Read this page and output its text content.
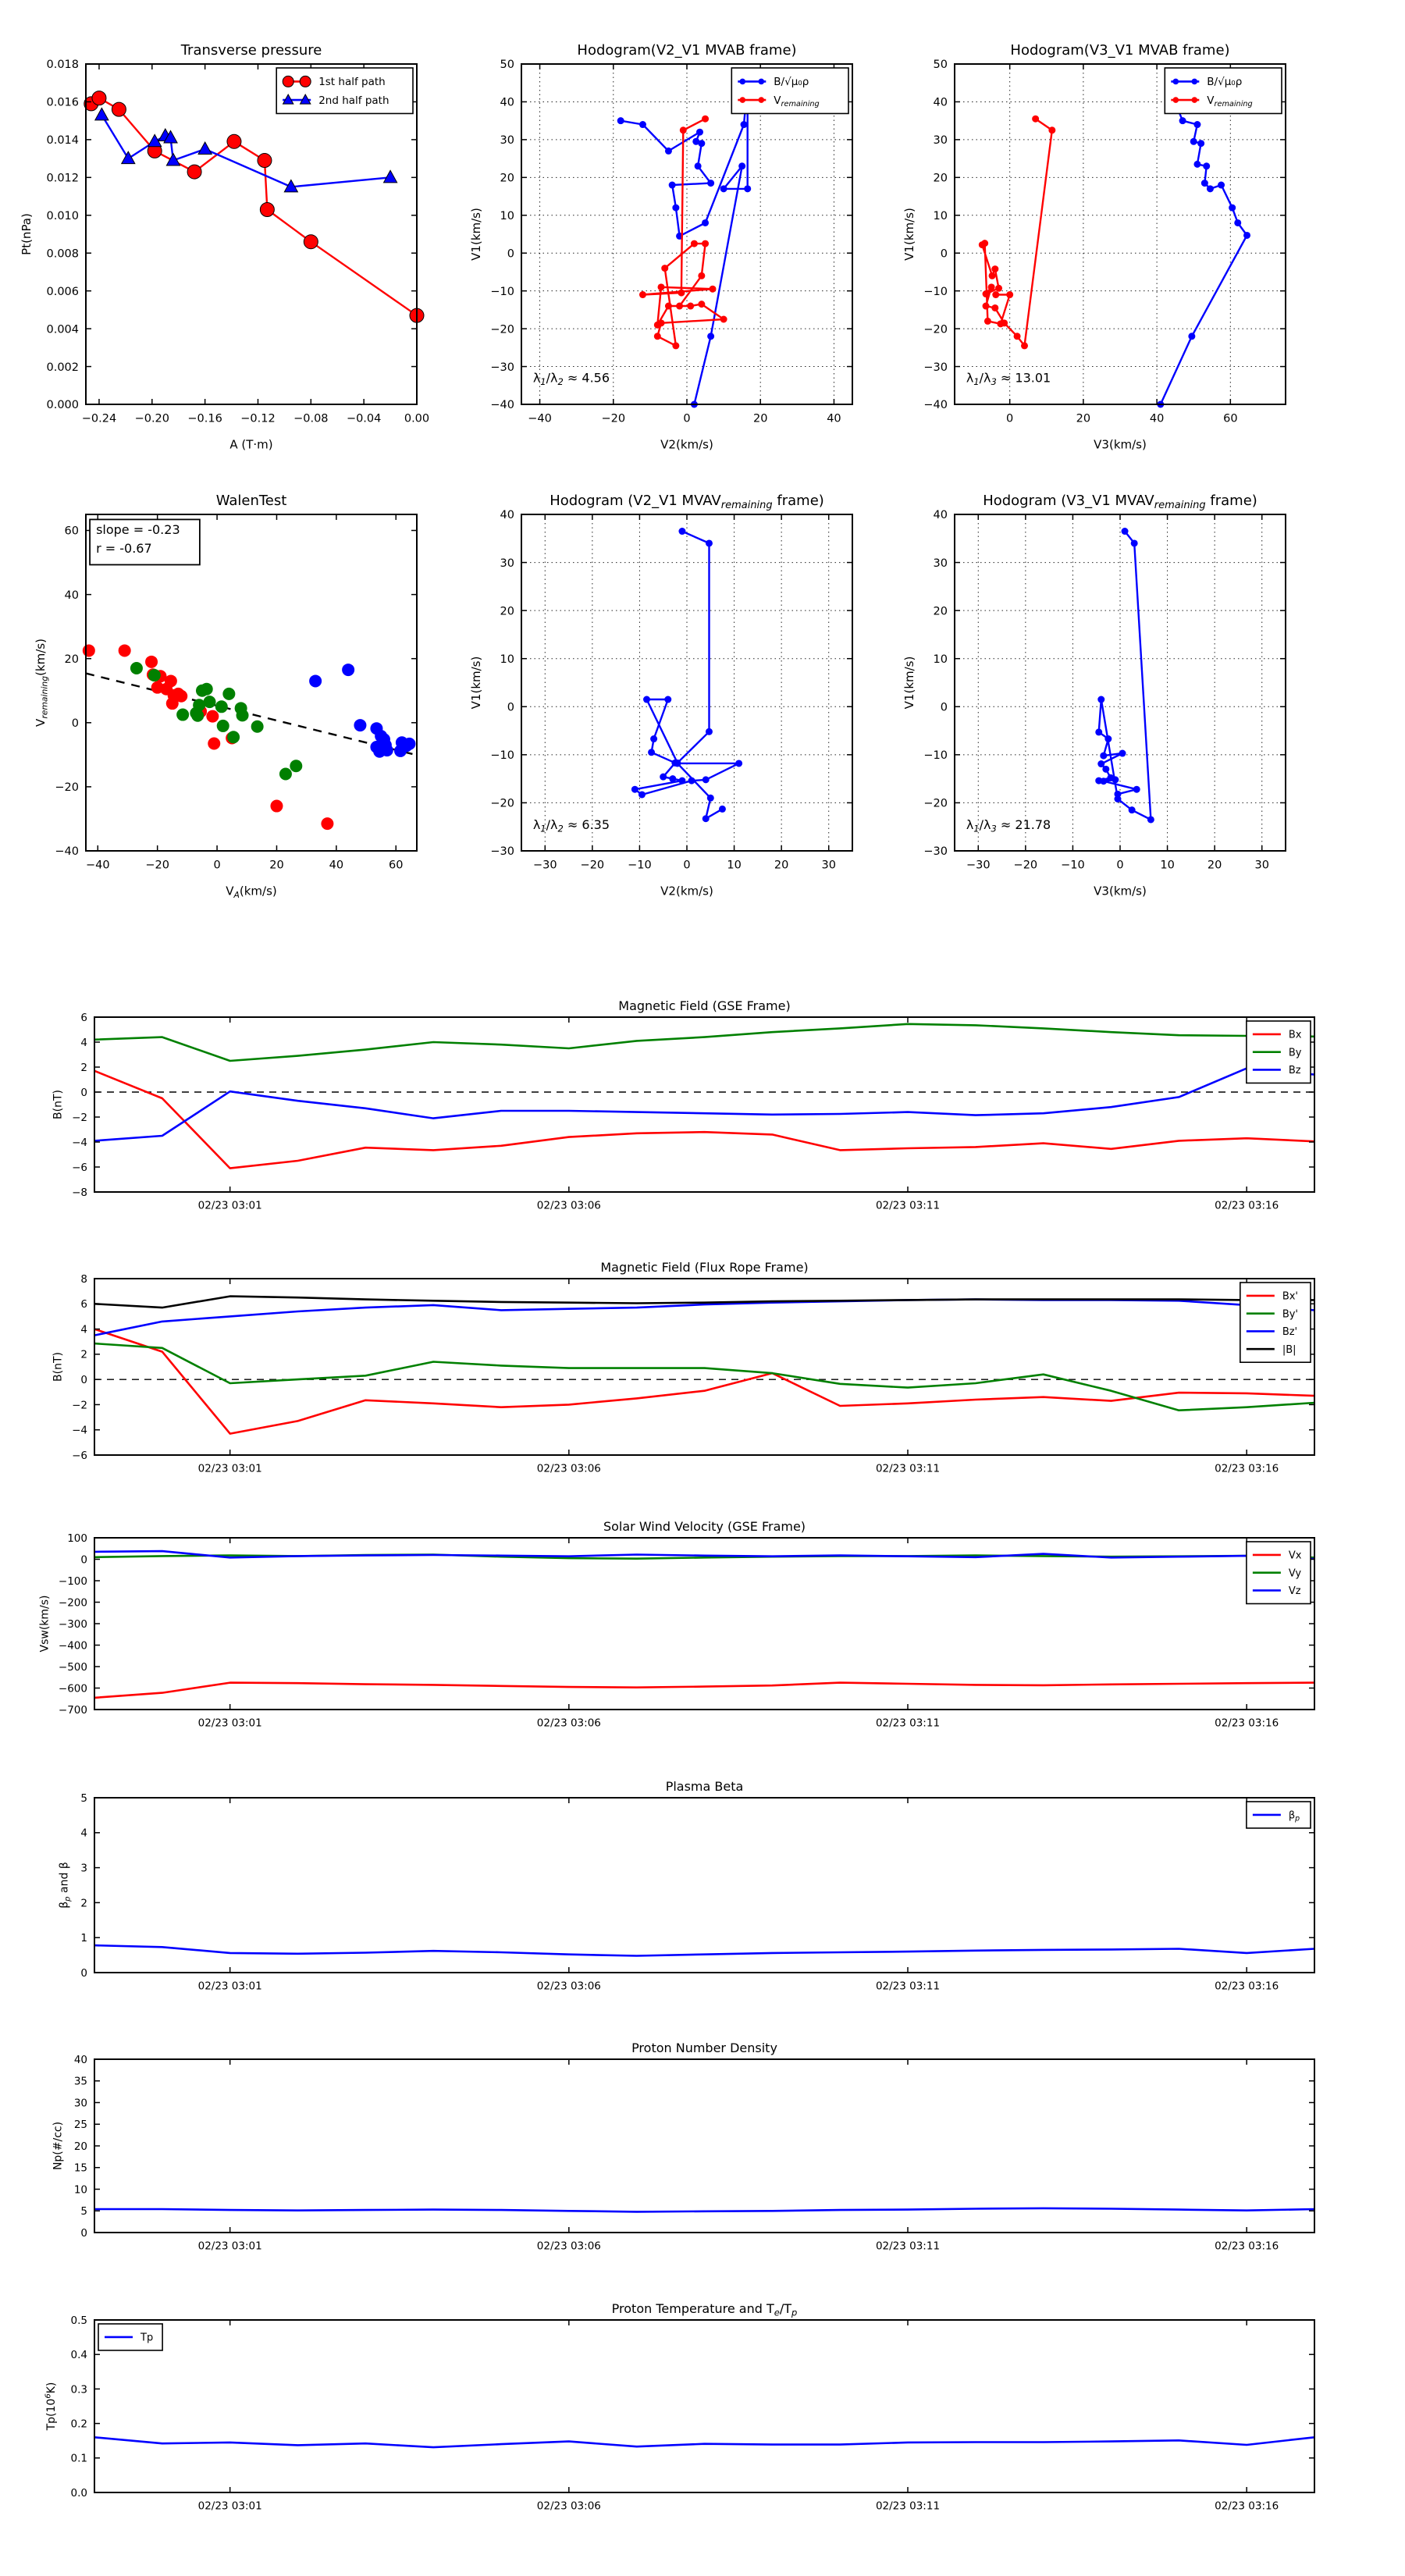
−0.24 −0.20 −0.16 −0.12 −0.08 −0.04 0.00
0.000
0.002
0.004
0.006
0.008
0.010
0.012
0.014
0.016
0.018
Transverse pressure
A (T·m)
Pt(nPa)
1st half path
2nd half path
−40	−20	0	20	40
−40
−30
−20
−10
0
10
20
30
40
50
Hodogram(V2_V1 MVAB frame)
V2(km/s)
V1(km/s)
$\lambda_1/\lambda_2 \approx 4.56$
B/√μ₀ρ
$V_{remaining}$
0	20	40	60
−40
−30
−20
−10
0
10
20
30
40
50
Hodogram(V3_V1 MVAB frame)
V3(km/s)
V1(km/s)
$\lambda_1/\lambda_3 \approx 13.01$
B/√μ₀ρ
$V_{remaining}$
−40	−20	0	20	40	60
−40
−20
0
20
40
60
WalenTest
$V_A(km/s)$
$V_{remaining}(km/s)$
slope = -0.23
r = -0.67
−30 −20 −10	0	10	20	30
−30
−20
−10
0
10
20
30
40
Hodogram (V2_V1 $MVAV_{remaining}$ frame)
V2(km/s)
V1(km/s)
$\lambda_1/\lambda_2 \approx 6.35$
−30 −20 −10	0	10	20	30
−30
−20
−10
0
10
20
30
40
Hodogram (V3_V1 $MVAV_{remaining}$ frame)
V3(km/s)
V1(km/s)
$\lambda_1/\lambda_3 \approx 21.78$
02/23 03:01	02/23 03:06	02/23 03:11	02/23 03:16
−8
−6
−4
−2
0
2
4
6
Magnetic Field (GSE Frame)
B(nT)
Bx
By
Bz
02/23 03:01	02/23 03:06	02/23 03:11	02/23 03:16
−6
−4
−2
0
2
4
6
8
Magnetic Field (Flux Rope Frame)
B(nT)
Bx'
By'
Bz'
|B|
02/23 03:01	02/23 03:06	02/23 03:11	02/23 03:16
−700
−600
−500
−400
−300
−200
−100
0
100
Solar Wind Velocity (GSE Frame)
Vsw(km/s)
Vx
Vy
Vz
02/23 03:01	02/23 03:06	02/23 03:11	02/23 03:16
0
1
2
3
4
5
Plasma Beta
$\beta_p$ and β
$\beta_p$
02/23 03:01	02/23 03:06	02/23 03:11	02/23 03:16
0
5
10
15
20
25
30
35
40
Proton Number Density
Np(#/cc)
02/23 03:01	02/23 03:06	02/23 03:11	02/23 03:16
0.0
0.1
0.2
0.3
0.4
0.5
Proton Temperature and $T_e/T_p$
$Tp(10^6K)$
Tp
